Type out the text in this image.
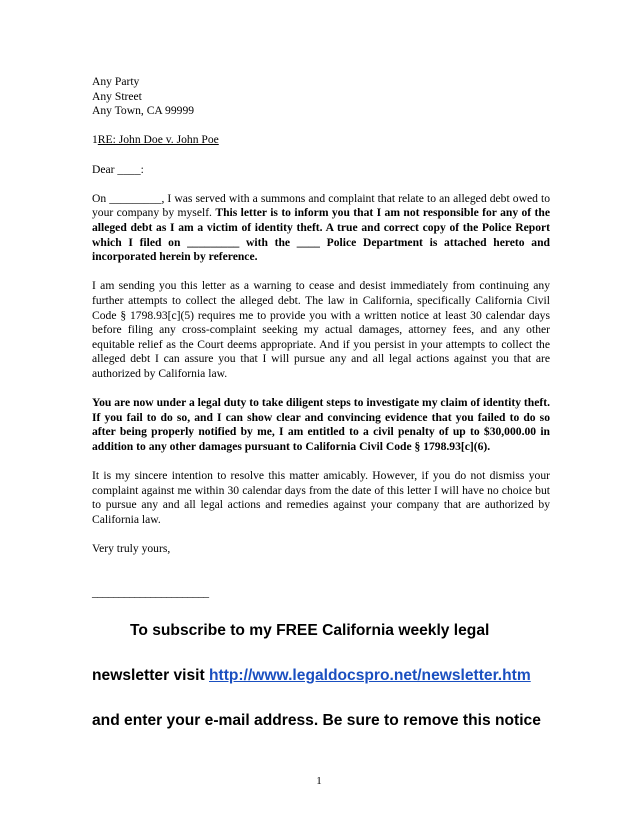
Any Party
Any Street
Any Town, CA 99999

1RE: John Doe v. John Poe

Dear ____:

On _________, I was served with a summons and complaint that relate to an alleged debt owed to your company by myself. This letter is to inform you that I am not responsible for any of the alleged debt as I am a victim of identity theft. A true and correct copy of the Police Report which I filed on _________ with the ____ Police Department is attached hereto and incorporated herein by reference.

I am sending you this letter as a warning to cease and desist immediately from continuing any further attempts to collect the alleged debt. The law in California, specifically California Civil Code § 1798.93[c](5) requires me to provide you with a written notice at least 30 calendar days before filing any cross-complaint seeking my actual damages, attorney fees, and any other equitable relief as the Court deems appropriate. And if you persist in your attempts to collect the alleged debt I can assure you that I will pursue any and all legal actions against you that are authorized by California law.

You are now under a legal duty to take diligent steps to investigate my claim of identity theft. If you fail to do so, and I can show clear and convincing evidence that you failed to do so after being properly notified by me, I am entitled to a civil penalty of up to $30,000.00 in addition to any other damages pursuant to California Civil Code § 1798.93[c](6).

It is my sincere intention to resolve this matter amicably. However, if you do not dismiss your complaint against me within 30 calendar days from the date of this letter I will have no choice but to pursue any and all legal actions and remedies against your company that are authorized by California law.

Very truly yours,

______________________

To subscribe to my FREE California weekly legal
newsletter visit http://www.legaldocspro.net/newsletter.htm
and enter your e-mail address. Be sure to remove this notice
1
